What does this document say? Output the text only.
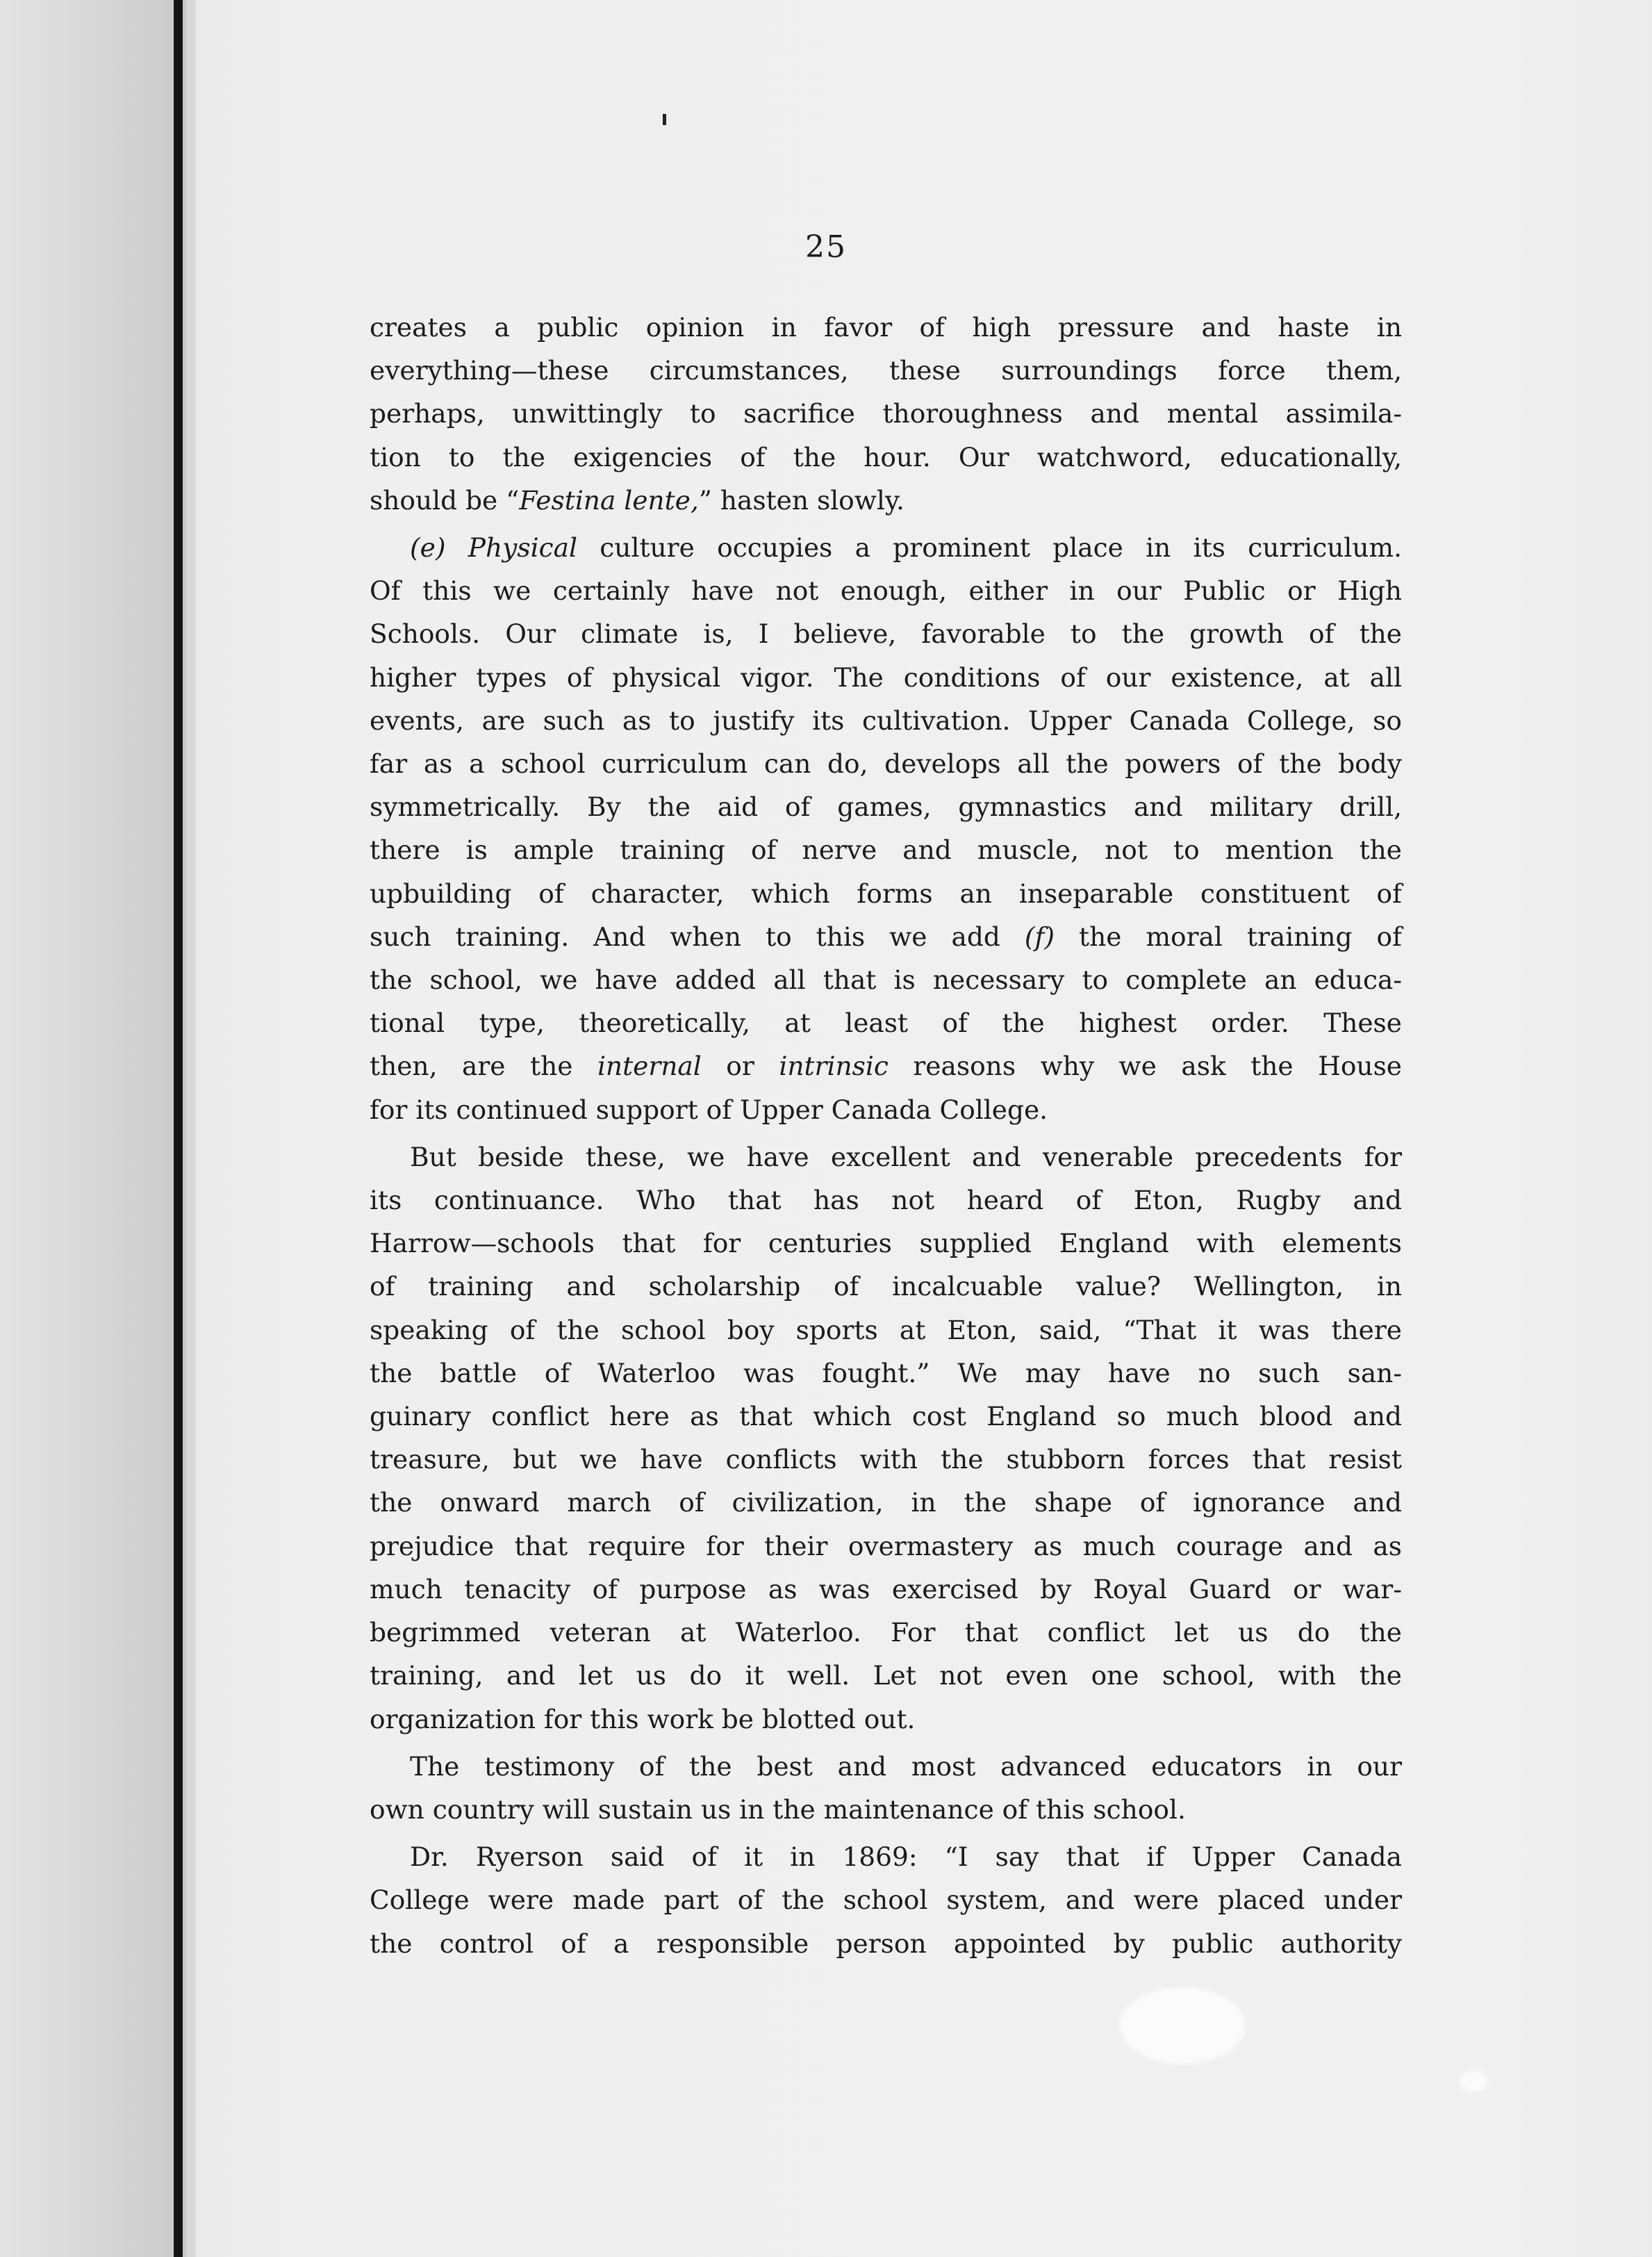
25
creates a public opinion in favor of high pressure and haste in
everything—these circumstances, these surroundings force them,
perhaps, unwittingly to sacrifice thoroughness and mental assimila-
tion to the exigencies of the hour. Our watchword, educationally,
should be “Festina lente,” hasten slowly.
(e) Physical culture occupies a prominent place in its curriculum.
Of this we certainly have not enough, either in our Public or High
Schools. Our climate is, I believe, favorable to the growth of the
higher types of physical vigor. The conditions of our existence, at all
events, are such as to justify its cultivation. Upper Canada College, so
far as a school curriculum can do, develops all the powers of the body
symmetrically. By the aid of games, gymnastics and military drill,
there is ample training of nerve and muscle, not to mention the
upbuilding of character, which forms an inseparable constituent of
such training. And when to this we add (f) the moral training of
the school, we have added all that is necessary to complete an educa-
tional type, theoretically, at least of the highest order. These
then, are the internal or intrinsic reasons why we ask the House
for its continued support of Upper Canada College.
But beside these, we have excellent and venerable precedents for
its continuance. Who that has not heard of Eton, Rugby and
Harrow—schools that for centuries supplied England with elements
of training and scholarship of incalcuable value? Wellington, in
speaking of the school boy sports at Eton, said, “That it was there
the battle of Waterloo was fought.” We may have no such san-
guinary conflict here as that which cost England so much blood and
treasure, but we have conflicts with the stubborn forces that resist
the onward march of civilization, in the shape of ignorance and
prejudice that require for their overmastery as much courage and as
much tenacity of purpose as was exercised by Royal Guard or war-
begrimmed veteran at Waterloo. For that conflict let us do the
training, and let us do it well. Let not even one school, with the
organization for this work be blotted out.
The testimony of the best and most advanced educators in our
own country will sustain us in the maintenance of this school.
Dr. Ryerson said of it in 1869: “I say that if Upper Canada
College were made part of the school system, and were placed under
the control of a responsible person appointed by public authority
